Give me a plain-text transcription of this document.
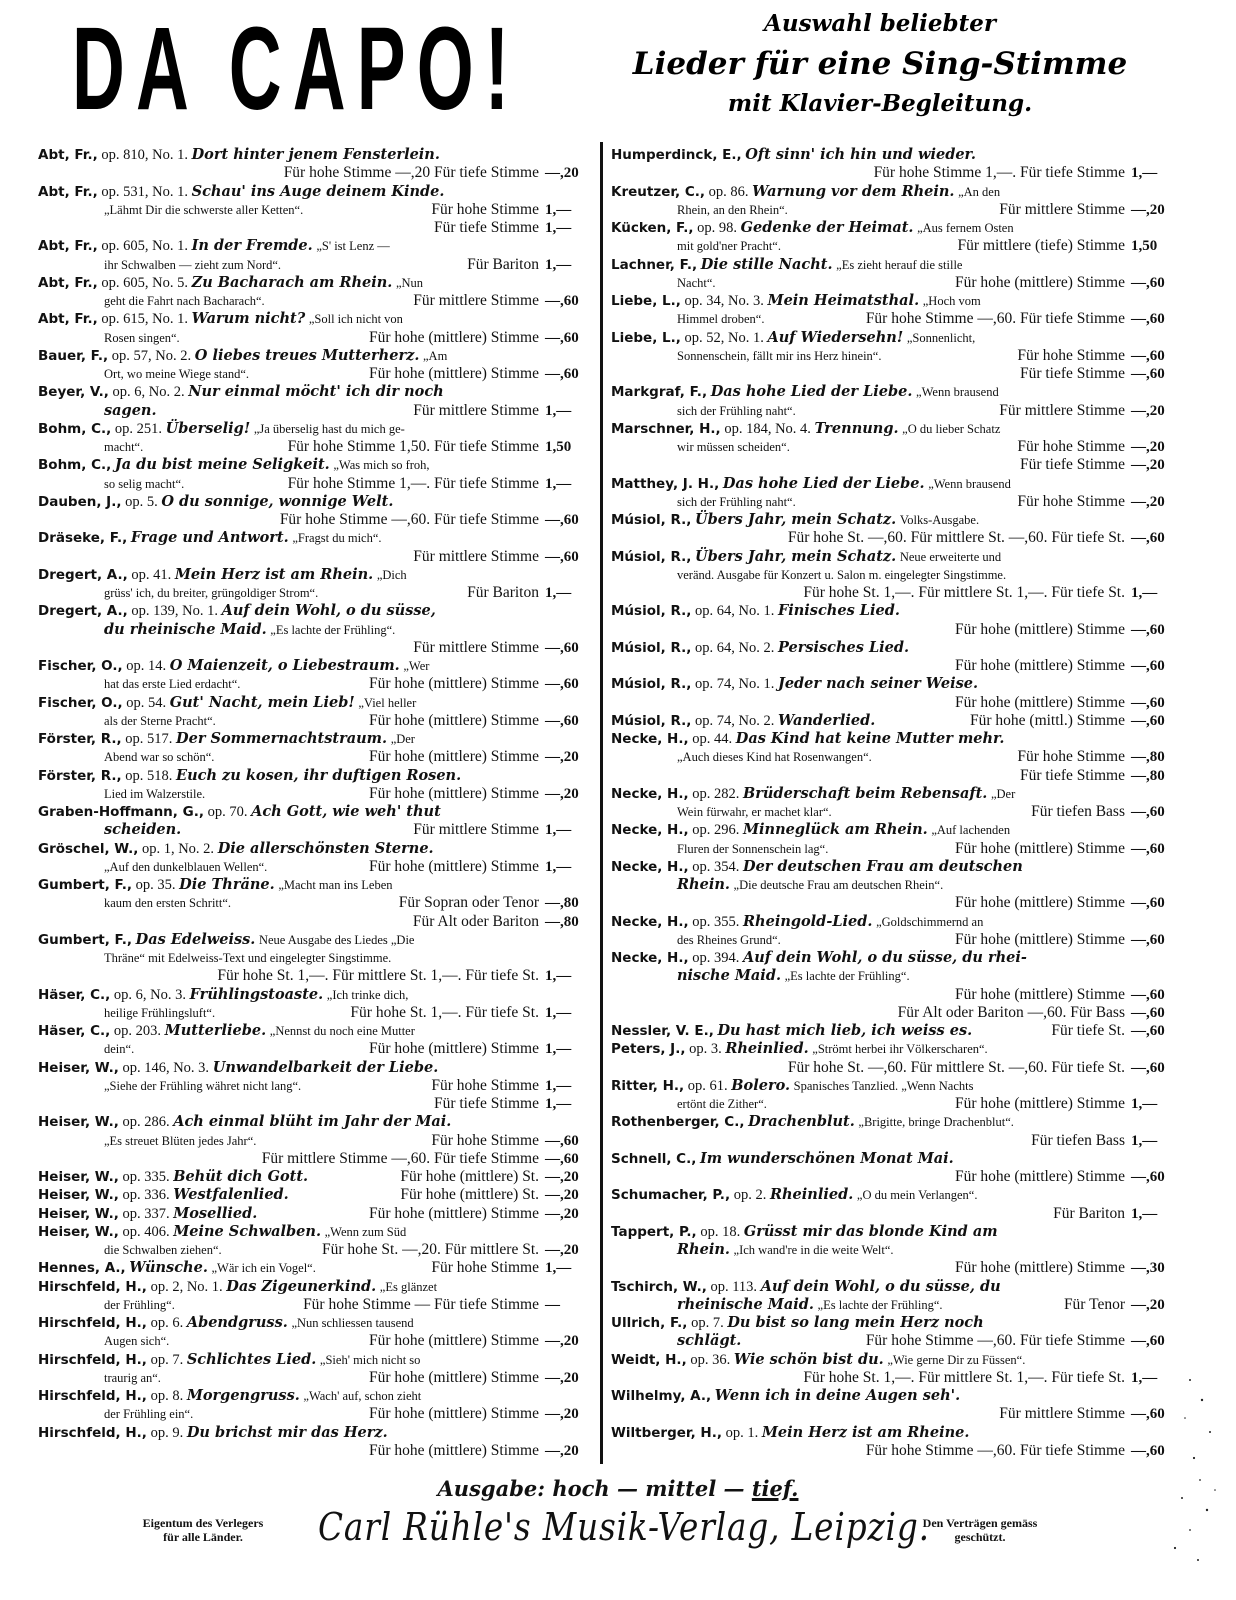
DA CAPO!	Auswahl beliebter
Lieder für eine Sing-Stimme
mit Klavier-Begleitung.
Abt, Fr., op. 810, No. 1. Dort hinter jenem Fensterlein.
Für hohe Stimme —,20 Für tiefe Stimme —,20
Abt, Fr., op. 531, No. 1. Schau' ins Auge deinem Kinde.
„Lähmt Dir die schwerste aller Ketten“.	Für hohe Stimme 1,—
Für tiefe Stimme 1,—
Abt, Fr., op. 605, No. 1. In der Fremde. „S' ist Lenz —
ihr Schwalben — zieht zum Nord“.	Für Bariton 1,—
Abt, Fr., op. 605, No. 5. Zu Bacharach am Rhein. „Nun
geht die Fahrt nach Bacharach“.	Für mittlere Stimme —,60
Abt, Fr., op. 615, No. 1. Warum nicht? „Soll ich nicht von
Rosen singen“.	Für hohe (mittlere) Stimme —,60
Bauer, F., op. 57, No. 2. O liebes treues Mutterherz. „Am
Ort, wo meine Wiege stand“.	Für hohe (mittlere) Stimme —,60
Beyer, V., op. 6, No. 2. Nur einmal möcht' ich dir noch
sagen.	Für mittlere Stimme 1,—
Bohm, C., op. 251. Überselig! „Ja überselig hast du mich ge-
macht“.	Für hohe Stimme 1,50. Für tiefe Stimme 1,50
Bohm, C., Ja du bist meine Seligkeit. „Was mich so froh,
so selig macht“.	Für hohe Stimme 1,—. Für tiefe Stimme 1,—
Dauben, J., op. 5. O du sonnige, wonnige Welt.
Für hohe Stimme —,60. Für tiefe Stimme —,60
Dräseke, F., Frage und Antwort. „Fragst du mich“.
Für mittlere Stimme —,60
Dregert, A., op. 41. Mein Herz ist am Rhein. „Dich
grüss' ich, du breiter, grüngoldiger Strom“.	Für Bariton 1,—
Dregert, A., op. 139, No. 1. Auf dein Wohl, o du süsse,
du rheinische Maid. „Es lachte der Frühling“.
Für mittlere Stimme —,60
Fischer, O., op. 14. O Maienzeit, o Liebestraum. „Wer
hat das erste Lied erdacht“.	Für hohe (mittlere) Stimme —,60
Fischer, O., op. 54. Gut' Nacht, mein Lieb! „Viel heller
als der Sterne Pracht“.	Für hohe (mittlere) Stimme —,60
Förster, R., op. 517. Der Sommernachtstraum. „Der
Abend war so schön“.	Für hohe (mittlere) Stimme —,20
Förster, R., op. 518. Euch zu kosen, ihr duftigen Rosen.
Lied im Walzerstile.	Für hohe (mittlere) Stimme —,20
Graben-Hoffmann, G., op. 70. Ach Gott, wie weh' thut
scheiden.	Für mittlere Stimme 1,—
Gröschel, W., op. 1, No. 2. Die allerschönsten Sterne.
„Auf den dunkelblauen Wellen“.	Für hohe (mittlere) Stimme 1,—
Gumbert, F., op. 35. Die Thräne. „Macht man ins Leben
kaum den ersten Schritt“.	Für Sopran oder Tenor —,80
Für Alt oder Bariton —,80
Gumbert, F., Das Edelweiss. Neue Ausgabe des Liedes „Die
Thräne“ mit Edelweiss-Text und eingelegter Singstimme.
Für hohe St. 1,—. Für mittlere St. 1,—. Für tiefe St. 1,—
Häser, C., op. 6, No. 3. Frühlingstoaste. „Ich trinke dich,
heilige Frühlingsluft“.	Für hohe St. 1,—. Für tiefe St. 1,—
Häser, C., op. 203. Mutterliebe. „Nennst du noch eine Mutter
dein“.	Für hohe (mittlere) Stimme 1,—
Heiser, W., op. 146, No. 3. Unwandelbarkeit der Liebe.
„Siehe der Frühling währet nicht lang“.	Für hohe Stimme 1,—
Für tiefe Stimme 1,—
Heiser, W., op. 286. Ach einmal blüht im Jahr der Mai.
„Es streuet Blüten jedes Jahr“.	Für hohe Stimme —,60
Für mittlere Stimme —,60. Für tiefe Stimme —,60
Heiser, W., op. 335. Behüt dich Gott.	Für hohe (mittlere) St. —,20
Heiser, W., op. 336. Westfalenlied.	Für hohe (mittlere) St. —,20
Heiser, W., op. 337. Mosellied.	Für hohe (mittlere) Stimme —,20
Heiser, W., op. 406. Meine Schwalben. „Wenn zum Süd
die Schwalben ziehen“.	Für hohe St. —,20. Für mittlere St. —,20
Hennes, A., Wünsche. „Wär ich ein Vogel“.	Für hohe Stimme 1,—
Hirschfeld, H., op. 2, No. 1. Das Zigeunerkind. „Es glänzet
der Frühling“.	Für hohe Stimme — Für tiefe Stimme —
Hirschfeld, H., op. 6. Abendgruss. „Nun schliessen tausend
Augen sich“.	Für hohe (mittlere) Stimme —,20
Hirschfeld, H., op. 7. Schlichtes Lied. „Sieh' mich nicht so
traurig an“.	Für hohe (mittlere) Stimme —,20
Hirschfeld, H., op. 8. Morgengruss. „Wach' auf, schon zieht
der Frühling ein“.	Für hohe (mittlere) Stimme —,20
Hirschfeld, H., op. 9. Du brichst mir das Herz.
Für hohe (mittlere) Stimme —,20
Humperdinck, E., Oft sinn' ich hin und wieder.
Für hohe Stimme 1,—. Für tiefe Stimme 1,—
Kreutzer, C., op. 86. Warnung vor dem Rhein. „An den
Rhein, an den Rhein“.	Für mittlere Stimme —,20
Kücken, F., op. 98. Gedenke der Heimat. „Aus fernem Osten
mit gold'ner Pracht“.	Für mittlere (tiefe) Stimme 1,50
Lachner, F., Die stille Nacht. „Es zieht herauf die stille
Nacht“.	Für hohe (mittlere) Stimme —,60
Liebe, L., op. 34, No. 3. Mein Heimatsthal. „Hoch vom
Himmel droben“.	Für hohe Stimme —,60. Für tiefe Stimme —,60
Liebe, L., op. 52, No. 1. Auf Wiedersehn! „Sonnenlicht,
Sonnenschein, fällt mir ins Herz hinein“.	Für hohe Stimme —,60
Für tiefe Stimme —,60
Markgraf, F., Das hohe Lied der Liebe. „Wenn brausend
sich der Frühling naht“.	Für mittlere Stimme —,20
Marschner, H., op. 184, No. 4. Trennung. „O du lieber Schatz
wir müssen scheiden“.	Für hohe Stimme —,20
Für tiefe Stimme —,20
Matthey, J. H., Das hohe Lied der Liebe. „Wenn brausend
sich der Frühling naht“.	Für hohe Stimme —,20
Músiol, R., Übers Jahr, mein Schatz. Volks-Ausgabe.
Für hohe St. —,60. Für mittlere St. —,60. Für tiefe St. —,60
Músiol, R., Übers Jahr, mein Schatz. Neue erweiterte und
veränd. Ausgabe für Konzert u. Salon m. eingelegter Singstimme.
Für hohe St. 1,—. Für mittlere St. 1,—. Für tiefe St. 1,—
Músiol, R., op. 64, No. 1. Finisches Lied.
Für hohe (mittlere) Stimme —,60
Músiol, R., op. 64, No. 2. Persisches Lied.
Für hohe (mittlere) Stimme —,60
Músiol, R., op. 74, No. 1. Jeder nach seiner Weise.
Für hohe (mittlere) Stimme —,60
Músiol, R., op. 74, No. 2. Wanderlied.	Für hohe (mittl.) Stimme —,60
Necke, H., op. 44. Das Kind hat keine Mutter mehr.
„Auch dieses Kind hat Rosenwangen“.	Für hohe Stimme —,80
Für tiefe Stimme —,80
Necke, H., op. 282. Brüderschaft beim Rebensaft. „Der
Wein fürwahr, er machet klar“.	Für tiefen Bass —,60
Necke, H., op. 296. Minneglück am Rhein. „Auf lachenden
Fluren der Sonnenschein lag“.	Für hohe (mittlere) Stimme —,60
Necke, H., op. 354. Der deutschen Frau am deutschen
Rhein. „Die deutsche Frau am deutschen Rhein“.
Für hohe (mittlere) Stimme —,60
Necke, H., op. 355. Rheingold-Lied. „Goldschimmernd an
des Rheines Grund“.	Für hohe (mittlere) Stimme —,60
Necke, H., op. 394. Auf dein Wohl, o du süsse, du rhei-
nische Maid. „Es lachte der Frühling“.
Für hohe (mittlere) Stimme —,60
Für Alt oder Bariton —,60. Für Bass —,60
Nessler, V. E., Du hast mich lieb, ich weiss es.	Für tiefe St. —,60
Peters, J., op. 3. Rheinlied. „Strömt herbei ihr Völkerscharen“.
Für hohe St. —,60. Für mittlere St. —,60. Für tiefe St. —,60
Ritter, H., op. 61. Bolero. Spanisches Tanzlied. „Wenn Nachts
ertönt die Zither“.	Für hohe (mittlere) Stimme 1,—
Rothenberger, C., Drachenblut. „Brigitte, bringe Drachenblut“.
Für tiefen Bass 1,—
Schnell, C., Im wunderschönen Monat Mai.
Für hohe (mittlere) Stimme —,60
Schumacher, P., op. 2. Rheinlied. „O du mein Verlangen“.
Für Bariton 1,—
Tappert, P., op. 18. Grüsst mir das blonde Kind am
Rhein. „Ich wand're in die weite Welt“.
Für hohe (mittlere) Stimme —,30
Tschirch, W., op. 113. Auf dein Wohl, o du süsse, du
rheinische Maid. „Es lachte der Frühling“.	Für Tenor —,20
Ullrich, F., op. 7. Du bist so lang mein Herz noch
schlägt.	Für hohe Stimme —,60. Für tiefe Stimme —,60
Weidt, H., op. 36. Wie schön bist du. „Wie gerne Dir zu Füssen“.
Für hohe St. 1,—. Für mittlere St. 1,—. Für tiefe St. 1,—
Wilhelmy, A., Wenn ich in deine Augen seh'.
Für mittlere Stimme —,60
Wiltberger, H., op. 1. Mein Herz ist am Rheine.
Für hohe Stimme —,60. Für tiefe Stimme —,60
Ausgabe: hoch — mittel — tief.
Eigentum des Verlegers
für alle Länder.	Carl Rühle's Musik-Verlag, Leipzig.
Den Verträgen gemäss
geschützt.
